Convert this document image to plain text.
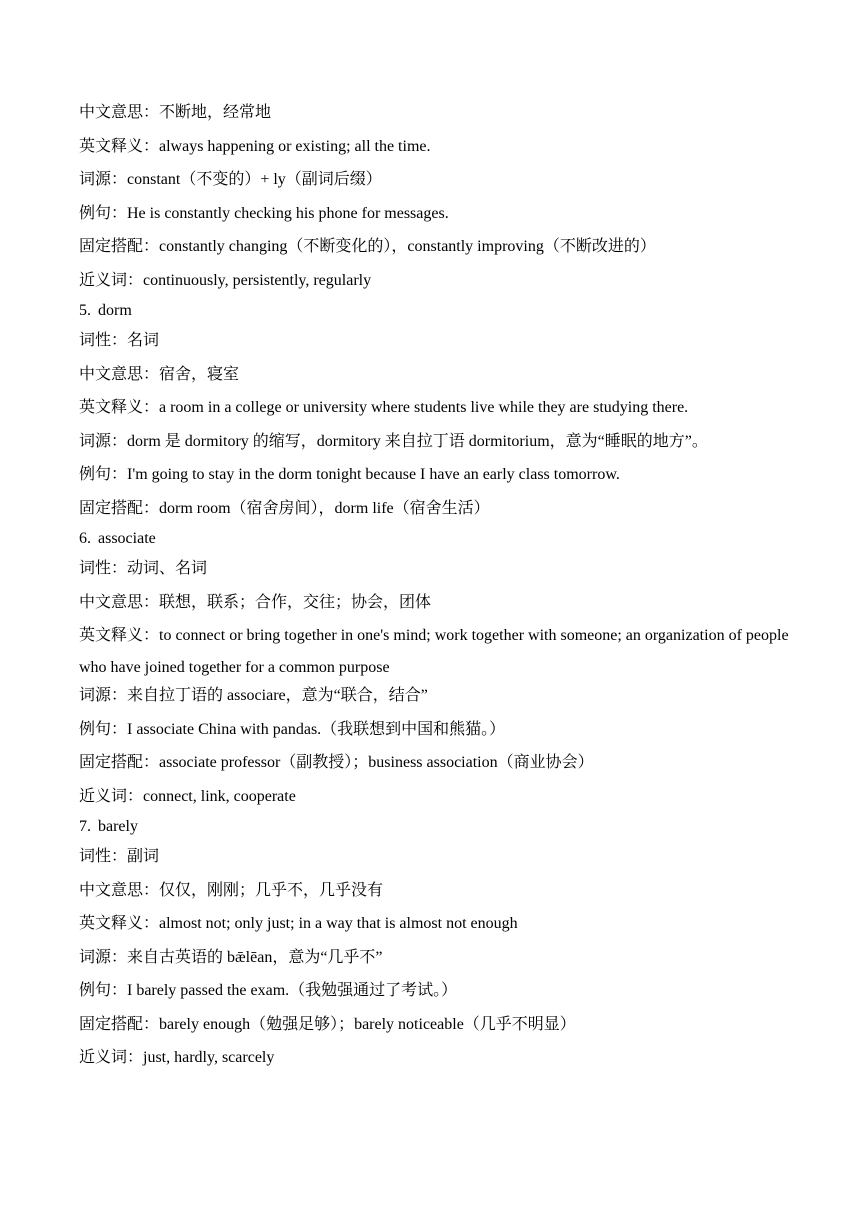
中文意思：不断地，经常地
英文释义：always happening or existing; all the time.
词源：constant（不变的）+ ly（副词后缀）
例句：He is constantly checking his phone for messages.
固定搭配：constantly changing（不断变化的），constantly improving（不断改进的）
近义词：continuously, persistently, regularly
5. dorm
词性：名词
中文意思：宿舍，寝室
英文释义：a room in a college or university where students live while they are studying there.
词源：dorm 是 dormitory 的缩写，dormitory 来自拉丁语 dormitorium，意为“睡眠的地方”。
例句：I'm going to stay in the dorm tonight because I have an early class tomorrow.
固定搭配：dorm room（宿舍房间），dorm life（宿舍生活）
6. associate
词性：动词、名词
中文意思：联想，联系；合作，交往；协会，团体
英文释义：to connect or bring together in one's mind; work together with someone; an organization of people who have joined together for a common purpose
词源：来自拉丁语的 associare，意为“联合，结合”
例句：I associate China with pandas.（我联想到中国和熊猫。）
固定搭配：associate professor（副教授）；business association（商业协会）
近义词：connect, link, cooperate
7. barely
词性：副词
中文意思：仅仅，刚刚；几乎不，几乎没有
英文释义：almost not; only just; in a way that is almost not enough
词源：来自古英语的 bǣlēan，意为“几乎不”
例句：I barely passed the exam.（我勉强通过了考试。）
固定搭配：barely enough（勉强足够）；barely noticeable（几乎不明显）
近义词：just, hardly, scarcely
